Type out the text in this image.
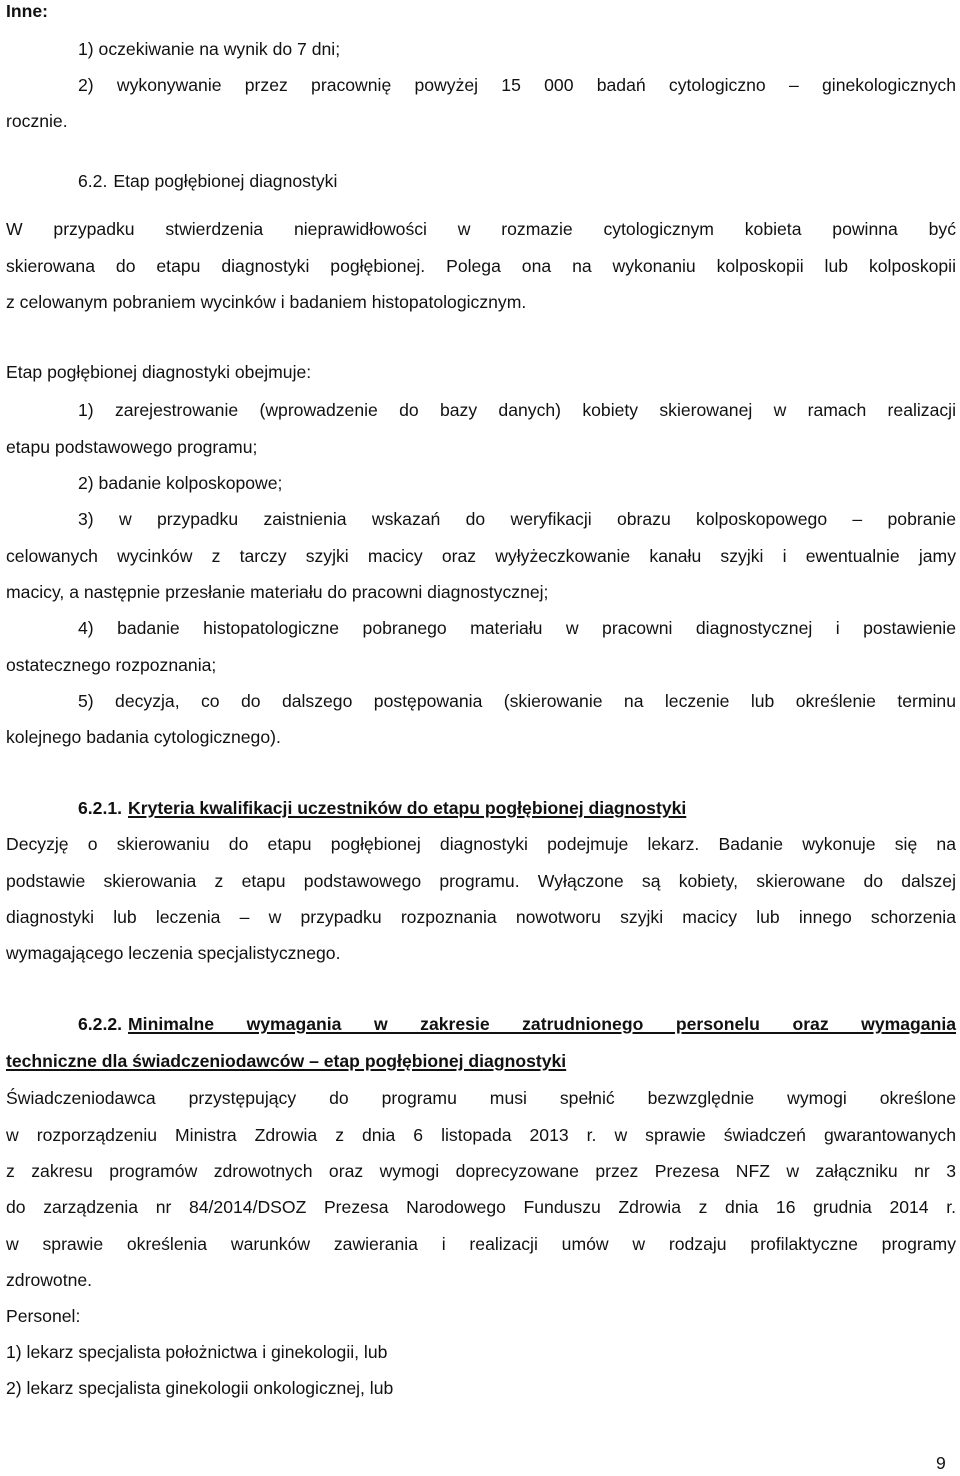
Inne:
1) oczekiwanie na wynik do 7 dni;
2) wykonywanie przez pracownię powyżej 15 000 badań cytologiczno – ginekologicznych
rocznie.
6.2. Etap pogłębionej diagnostyki
W przypadku stwierdzenia nieprawidłowości w rozmazie cytologicznym kobieta powinna być
skierowana do etapu diagnostyki pogłębionej. Polega ona na wykonaniu kolposkopii lub kolposkopii
z celowanym pobraniem wycinków i badaniem histopatologicznym.
Etap pogłębionej diagnostyki obejmuje:
1) zarejestrowanie (wprowadzenie do bazy danych) kobiety skierowanej w ramach realizacji
etapu podstawowego programu;
2) badanie kolposkopowe;
3) w przypadku zaistnienia wskazań do weryfikacji obrazu kolposkopowego – pobranie
celowanych wycinków z tarczy szyjki macicy oraz wyłyżeczkowanie kanału szyjki i ewentualnie jamy
macicy, a następnie przesłanie materiału do pracowni diagnostycznej;
4) badanie histopatologiczne pobranego materiału w pracowni diagnostycznej i postawienie
ostatecznego rozpoznania;
5) decyzja, co do dalszego postępowania (skierowanie na leczenie lub określenie terminu
kolejnego badania cytologicznego).
6.2.1. Kryteria kwalifikacji uczestników do etapu pogłębionej diagnostyki
Decyzję o skierowaniu do etapu pogłębionej diagnostyki podejmuje lekarz. Badanie wykonuje się na
podstawie skierowania z etapu podstawowego programu. Wyłączone są kobiety, skierowane do dalszej
diagnostyki lub leczenia – w przypadku rozpoznania nowotworu szyjki macicy lub innego schorzenia
wymagającego leczenia specjalistycznego.
6.2.2. Minimalne wymagania w zakresie zatrudnionego personelu oraz wymagania
techniczne dla świadczeniodawców – etap pogłębionej diagnostyki
Świadczeniodawca przystępujący do programu musi spełnić bezwzględnie wymogi określone
w rozporządzeniu Ministra Zdrowia z dnia 6 listopada 2013 r. w sprawie świadczeń gwarantowanych
z zakresu programów zdrowotnych oraz wymogi doprecyzowane przez Prezesa NFZ w załączniku nr 3
do zarządzenia nr 84/2014/DSOZ Prezesa Narodowego Funduszu Zdrowia z dnia 16 grudnia 2014 r.
w sprawie określenia warunków zawierania i realizacji umów w rodzaju profilaktyczne programy
zdrowotne.
Personel:
1) lekarz specjalista położnictwa i ginekologii, lub
2) lekarz specjalista ginekologii onkologicznej, lub
9
